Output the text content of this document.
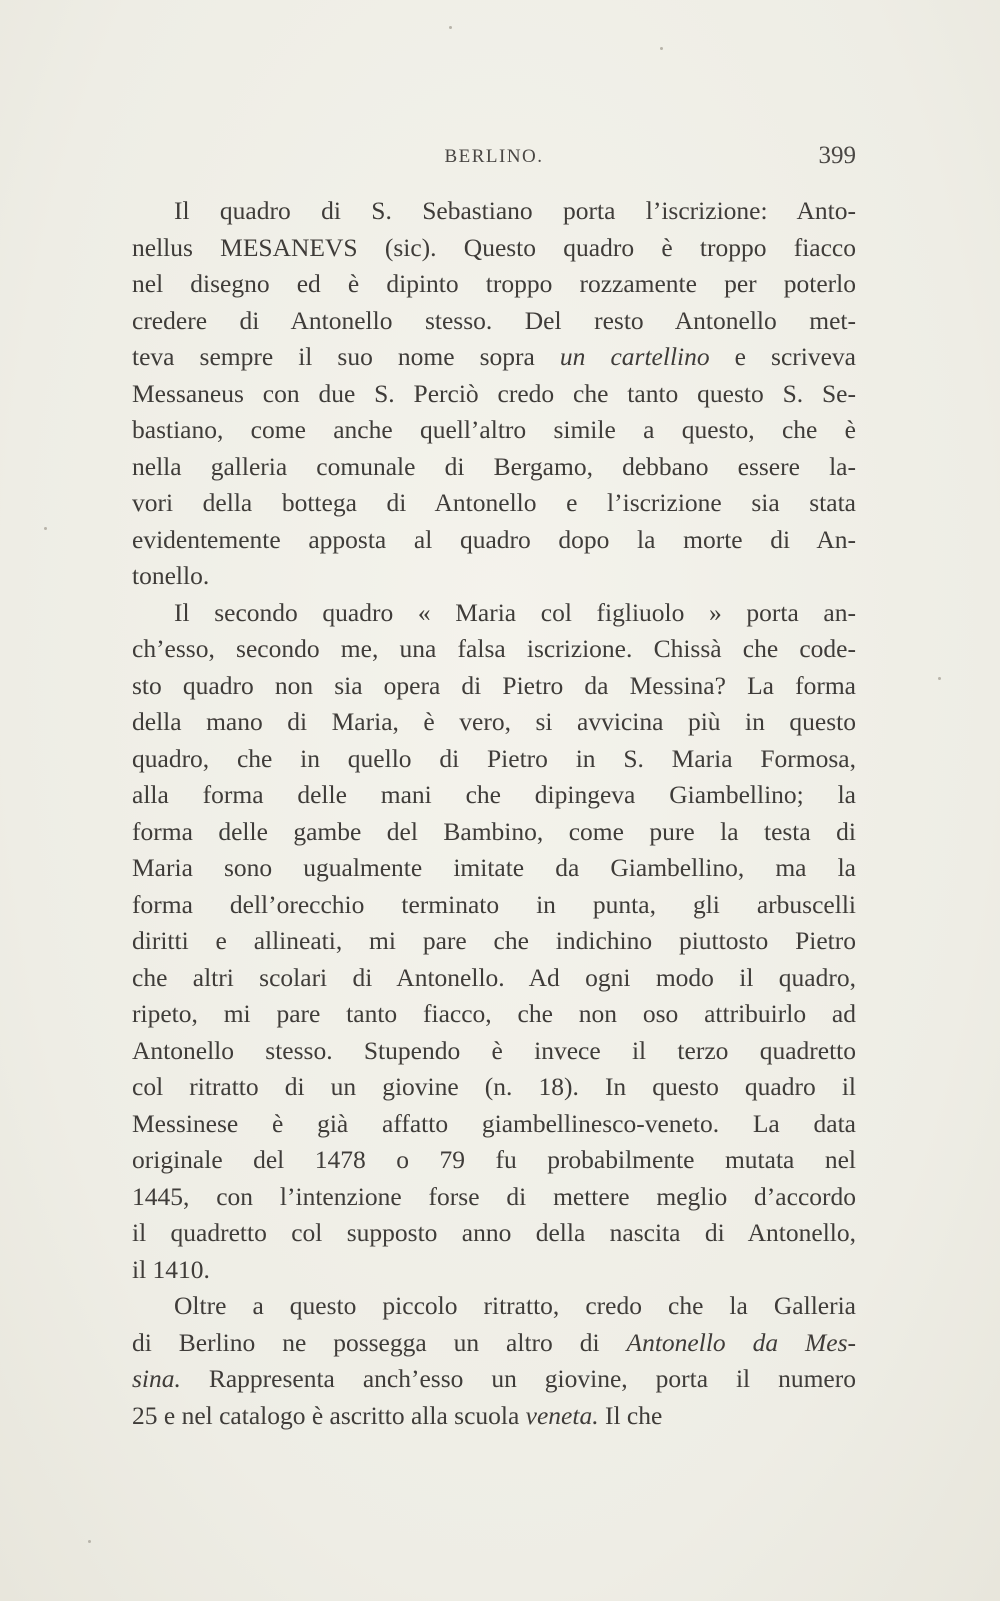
BERLINO.	399
Il quadro di S. Sebastiano porta l’iscrizione: Anto-
nellus MESANEVS (sic). Questo quadro è troppo fiacco
nel disegno ed è dipinto troppo rozzamente per poterlo
credere di Antonello stesso. Del resto Antonello met-
teva sempre il suo nome sopra un cartellino e scriveva
Messaneus con due S. Perciò credo che tanto questo S. Se-
bastiano, come anche quell’altro simile a questo, che è
nella galleria comunale di Bergamo, debbano essere la-
vori della bottega di Antonello e l’iscrizione sia stata
evidentemente apposta al quadro dopo la morte di An-
tonello.
Il secondo quadro « Maria col figliuolo » porta an-
ch’esso, secondo me, una falsa iscrizione. Chissà che code-
sto quadro non sia opera di Pietro da Messina? La forma
della mano di Maria, è vero, si avvicina più in questo
quadro, che in quello di Pietro in S. Maria Formosa,
alla forma delle mani che dipingeva Giambellino; la
forma delle gambe del Bambino, come pure la testa di
Maria sono ugualmente imitate da Giambellino, ma la
forma dell’orecchio terminato in punta, gli arbuscelli
diritti e allineati, mi pare che indichino piuttosto Pietro
che altri scolari di Antonello. Ad ogni modo il quadro,
ripeto, mi pare tanto fiacco, che non oso attribuirlo ad
Antonello stesso. Stupendo è invece il terzo quadretto
col ritratto di un giovine (n. 18). In questo quadro il
Messinese è già affatto giambellinesco-veneto. La data
originale del 1478 o 79 fu probabilmente mutata nel
1445, con l’intenzione forse di mettere meglio d’accordo
il quadretto col supposto anno della nascita di Antonello,
il 1410.
Oltre a questo piccolo ritratto, credo che la Galleria
di Berlino ne possegga un altro di Antonello da Mes-
sina. Rappresenta anch’esso un giovine, porta il numero
25 e nel catalogo è ascritto alla scuola veneta. Il che
